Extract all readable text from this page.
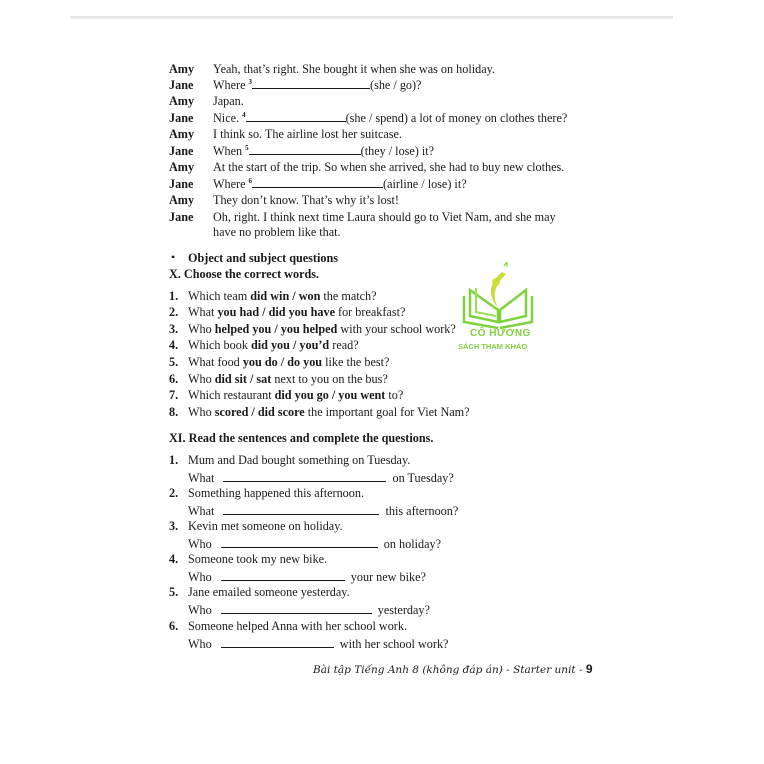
Amy	Yeah, that’s right. She bought it when she was on holiday.
Jane	Where $^3$	(she / go)?
Amy	Japan.
Jane	Nice. $^4$	(she / spend) a lot of money on clothes there?
Amy	I think so. The airline lost her suitcase.
Jane	When $^5$	(they / lose) it?
Amy	At the start of the trip. So when she arrived, she had to buy new clothes.
Jane	Where $^6$	(airline / lose) it?
Amy	They don’t know. That’s why it’s lost!
Jane	Oh, right. I think next time Laura should go to Viet Nam, and she may
have no problem like that.
• Object and subject questions
X. Choose the correct words.
1. Which team did win / won the match?
2. What you had / did you have for breakfast?
3. Who helped you / you helped with your school work?
4. Which book did you / you’d read?
5. What food you do / do you like the best?
6. Who did sit / sat next to you on the bus?
7. Which restaurant did you go / you went to?
8. Who scored / did score the important goal for Viet Nam?
XI. Read the sentences and complete the questions.
1. Mum and Dad bought something on Tuesday.
What	on Tuesday?
2. Something happened this afternoon.
What	this afternoon?
3. Kevin met someone on holiday.
Who	on holiday?
4. Someone took my new bike.
Who	your new bike?
5. Jane emailed someone yesterday.
Who	yesterday?
6. Someone helped Anna with her school work.
Who	with her school work?
CÔ HƯƠNG
SÁCH THAM KHẢO
Bài tập Tiếng Anh 8 (không đáp án) - Starter unit - 9
